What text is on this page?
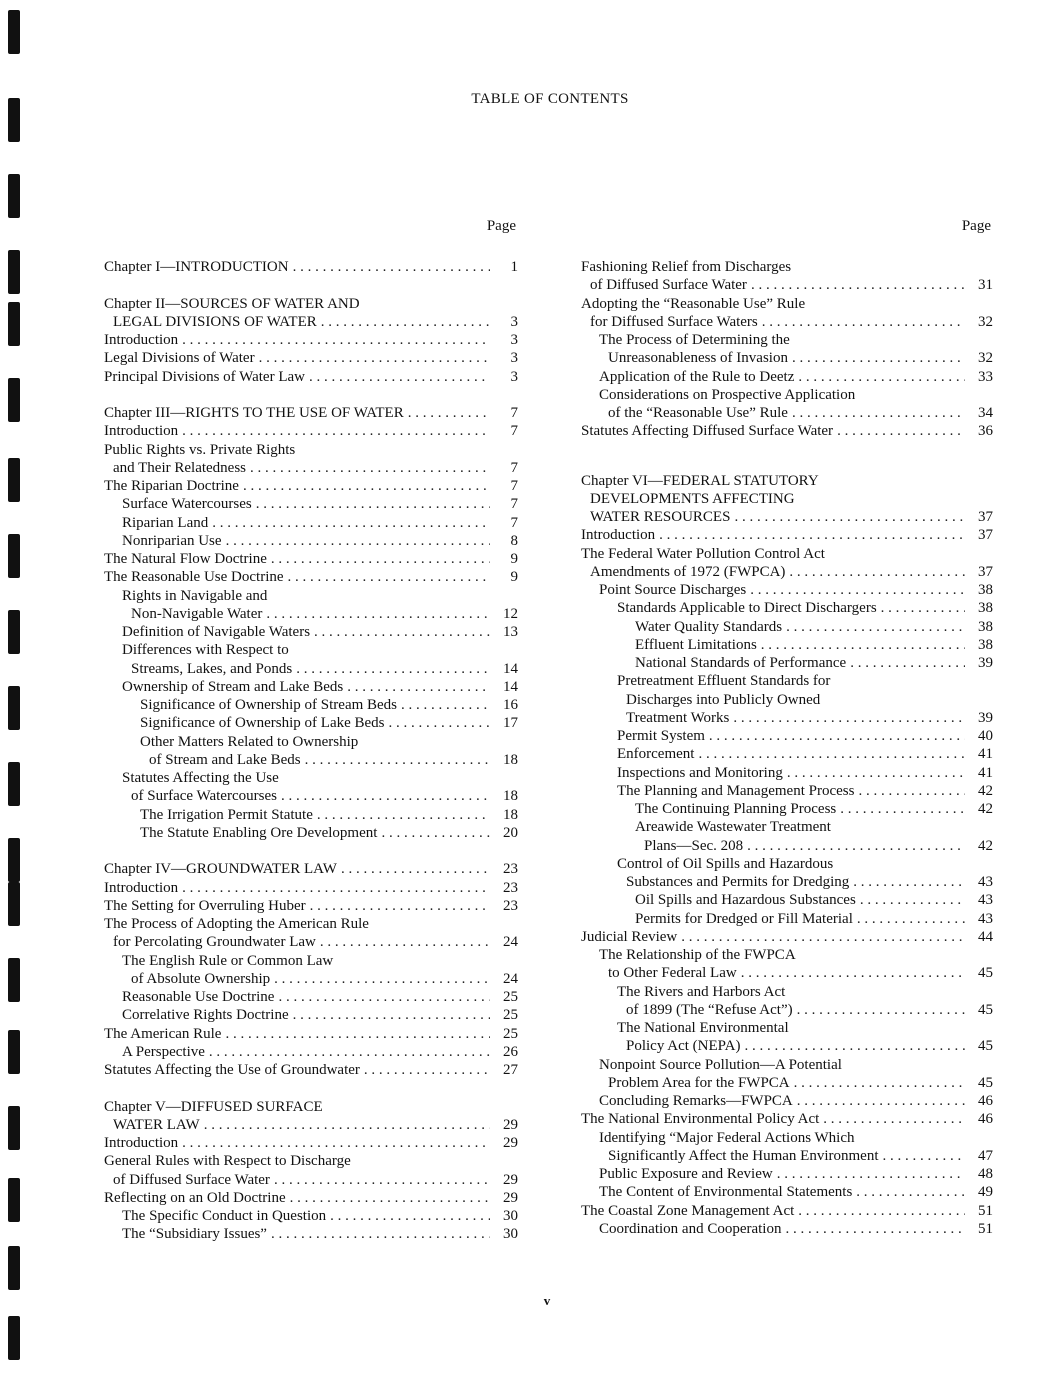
TABLE OF CONTENTS
Page
Chapter I—INTRODUCTION . . .	1
Chapter II—SOURCES OF WATER AND
LEGAL DIVISIONS OF WATER . . .	3
Introduction . . .	3
Legal Divisions of Water . . .	3
Principal Divisions of Water Law . . .	3
Chapter III—RIGHTS TO THE USE OF WATER . . .	7
Introduction . . .	7
Public Rights vs. Private Rights
and Their Relatedness . . .	7
The Riparian Doctrine . . .	7
Surface Watercourses . . .	7
Riparian Land . . .	7
Nonriparian Use . . .	8
The Natural Flow Doctrine . . .	9
The Reasonable Use Doctrine . . .	9
Rights in Navigable and
Non-Navigable Water . . .	12
Definition of Navigable Waters . . .	13
Differences with Respect to
Streams, Lakes, and Ponds . . .	14
Ownership of Stream and Lake Beds . . .	14
Significance of Ownership of Stream Beds . . .	16
Significance of Ownership of Lake Beds . . .	17
Other Matters Related to Ownership
of Stream and Lake Beds . . .	18
Statutes Affecting the Use
of Surface Watercourses . . .	18
The Irrigation Permit Statute . . .	18
The Statute Enabling Ore Development . . .	20
Chapter IV—GROUNDWATER LAW . . .	23
Introduction . . .	23
The Setting for Overruling Huber . . .	23
The Process of Adopting the American Rule
for Percolating Groundwater Law . . .	24
The English Rule or Common Law
of Absolute Ownership . . .	24
Reasonable Use Doctrine . . .	25
Correlative Rights Doctrine . . .	25
The American Rule . . .	25
A Perspective . . .	26
Statutes Affecting the Use of Groundwater . . .	27
Chapter V—DIFFUSED SURFACE
WATER LAW . . .	29
Introduction . . .	29
General Rules with Respect to Discharge
of Diffused Surface Water . . .	29
Reflecting on an Old Doctrine . . .	29
The Specific Conduct in Question . . .	30
The “Subsidiary Issues” . . .	30
Page
Fashioning Relief from Discharges
of Diffused Surface Water . . .	31
Adopting the “Reasonable Use” Rule
for Diffused Surface Waters . . .	32
The Process of Determining the
Unreasonableness of Invasion . . .	32
Application of the Rule to Deetz . . .	33
Considerations on Prospective Application
of the “Reasonable Use” Rule . . .	34
Statutes Affecting Diffused Surface Water . . .	36
Chapter VI—FEDERAL STATUTORY
DEVELOPMENTS AFFECTING
WATER RESOURCES . . .	37
Introduction . . .	37
The Federal Water Pollution Control Act
Amendments of 1972 (FWPCA) . . .	37
Point Source Discharges . . .	38
Standards Applicable to Direct Dischargers . . .	38
Water Quality Standards . . .	38
Effluent Limitations . . .	38
National Standards of Performance . . .	39
Pretreatment Effluent Standards for
Discharges into Publicly Owned
Treatment Works . . .	39
Permit System . . .	40
Enforcement . . .	41
Inspections and Monitoring . . .	41
The Planning and Management Process . . .	42
The Continuing Planning Process . . .	42
Areawide Wastewater Treatment
Plans—Sec. 208 . . .	42
Control of Oil Spills and Hazardous
Substances and Permits for Dredging . . .	43
Oil Spills and Hazardous Substances . . .	43
Permits for Dredged or Fill Material . . .	43
Judicial Review . . .	44
The Relationship of the FWPCA
to Other Federal Law . . .	45
The Rivers and Harbors Act
of 1899 (The “Refuse Act”) . . .	45
The National Environmental
Policy Act (NEPA) . . .	45
Nonpoint Source Pollution—A Potential
Problem Area for the FWPCA . . .	45
Concluding Remarks—FWPCA . . .	46
The National Environmental Policy Act . . .	46
Identifying “Major Federal Actions Which
Significantly Affect the Human Environment . . .	47
Public Exposure and Review . . .	48
The Content of Environmental Statements . . .	49
The Coastal Zone Management Act . . .	51
Coordination and Cooperation . . .	51
v
